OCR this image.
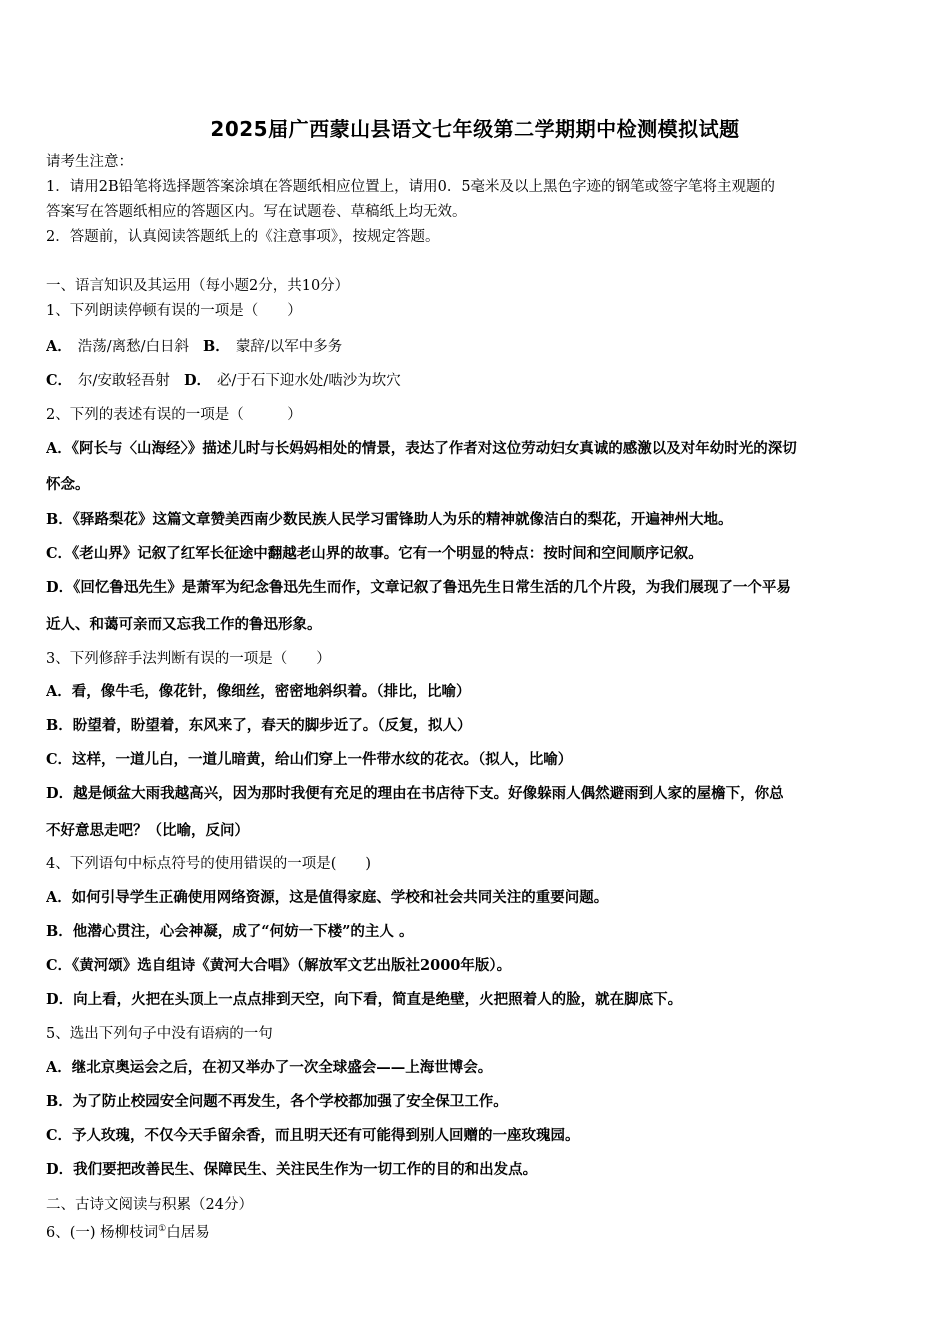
2025届广西蒙山县语文七年级第二学期期中检测模拟试题
请考生注意：
1．请用2B铅笔将选择题答案涂填在答题纸相应位置上，请用0．5毫米及以上黑色字迹的钢笔或签字笔将主观题的
答案写在答题纸相应的答题区内。写在试题卷、草稿纸上均无效。
2．答题前，认真阅读答题纸上的《注意事项》，按规定答题。
一、语言知识及其运用（每小题2分，共10分）
1、下列朗读停顿有误的一项是（　　）
A． 浩荡/离愁/白日斜 B． 蒙辞/以军中多务
C． 尔/安敢轻吾射 D． 必/于石下迎水处/啮沙为坎穴
2、下列的表述有误的一项是（　　　）
A．《阿长与〈山海经〉》描述儿时与长妈妈相处的情景，表达了作者对这位劳动妇女真诚的感激以及对年幼时光的深切
怀念。
B．《驿路梨花》这篇文章赞美西南少数民族人民学习雷锋助人为乐的精神就像洁白的梨花，开遍神州大地。
C．《老山界》记叙了红军长征途中翻越老山界的故事。它有一个明显的特点：按时间和空间顺序记叙。
D．《回忆鲁迅先生》是萧军为纪念鲁迅先生而作，文章记叙了鲁迅先生日常生活的几个片段，为我们展现了一个平易
近人、和蔼可亲而又忘我工作的鲁迅形象。
3、下列修辞手法判断有误的一项是（　　）
A．看，像牛毛，像花针，像细丝，密密地斜织着。（排比，比喻）
B．盼望着，盼望着，东风来了，春天的脚步近了。（反复，拟人）
C．这样，一道儿白，一道儿暗黄，给山们穿上一件带水纹的花衣。（拟人，比喻）
D．越是倾盆大雨我越高兴，因为那时我便有充足的理由在书店待下支。好像躲雨人偶然避雨到人家的屋檐下，你总
不好意思走吧？（比喻，反问）
4、下列语句中标点符号的使用错误的一项是(　　)
A．如何引导学生正确使用网络资源，这是值得家庭、学校和社会共同关注的重要问题。
B．他潜心贯注，心会神凝，成了“何妨一下楼”的主人 。
C．《黄河颂》选自组诗《黄河大合唱》（解放军文艺出版社2000年版）。
D．向上看，火把在头顶上一点点排到天空，向下看，简直是绝壁，火把照着人的脸，就在脚底下。
5、选出下列句子中没有语病的一句
A．继北京奥运会之后，在初又举办了一次全球盛会——上海世博会。
B．为了防止校园安全问题不再发生，各个学校都加强了安全保卫工作。
C．予人玫瑰，不仅今天手留余香，而且明天还有可能得到别人回赠的一座玫瑰园。
D．我们要把改善民生、保障民生、关注民生作为一切工作的目的和出发点。
二、古诗文阅读与积累（24分）
6、(一) 杨柳枝词①白居易
